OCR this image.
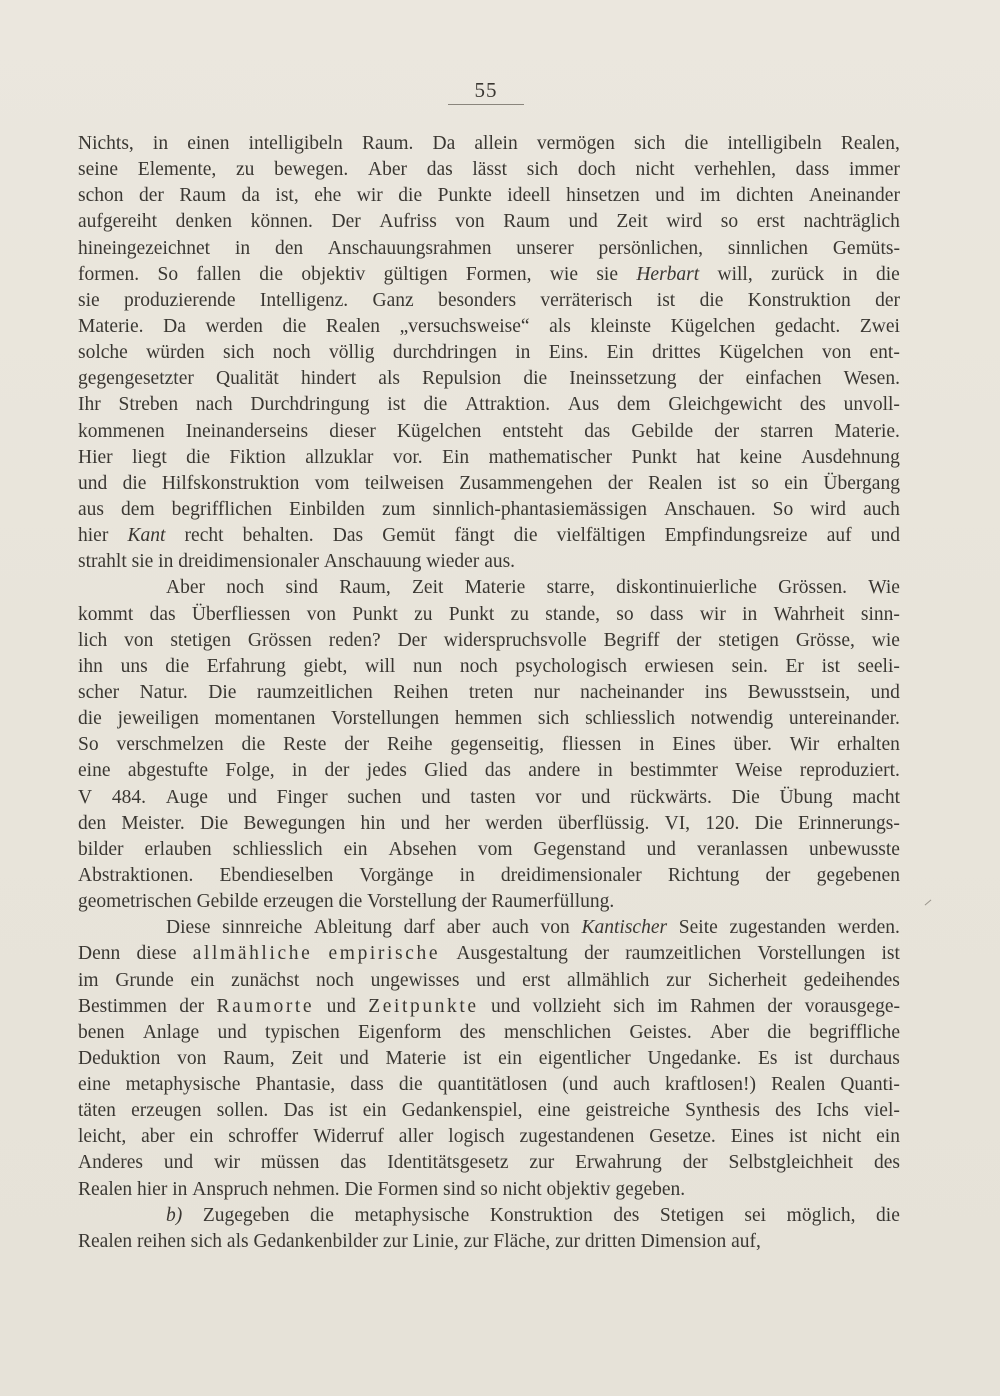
55
Nichts, in einen intelligibeln Raum. Da allein vermögen sich die intelligibeln Realen,
seine Elemente, zu bewegen. Aber das lässt sich doch nicht verhehlen, dass immer
schon der Raum da ist, ehe wir die Punkte ideell hinsetzen und im dichten Aneinander
aufgereiht denken können. Der Aufriss von Raum und Zeit wird so erst nachträglich
hineingezeichnet in den Anschauungsrahmen unserer persönlichen, sinnlichen Gemüts-
formen. So fallen die objektiv gültigen Formen, wie sie Herbart will, zurück in die
sie produzierende Intelligenz. Ganz besonders verräterisch ist die Konstruktion der
Materie. Da werden die Realen „versuchsweise“ als kleinste Kügelchen gedacht. Zwei
solche würden sich noch völlig durchdringen in Eins. Ein drittes Kügelchen von ent-
gegengesetzter Qualität hindert als Repulsion die Ineinssetzung der einfachen Wesen.
Ihr Streben nach Durchdringung ist die Attraktion. Aus dem Gleichgewicht des unvoll-
kommenen Ineinanderseins dieser Kügelchen entsteht das Gebilde der starren Materie.
Hier liegt die Fiktion allzuklar vor. Ein mathematischer Punkt hat keine Ausdehnung
und die Hilfskonstruktion vom teilweisen Zusammengehen der Realen ist so ein Übergang
aus dem begrifflichen Einbilden zum sinnlich-phantasiemässigen Anschauen. So wird auch
hier Kant recht behalten. Das Gemüt fängt die vielfältigen Empfindungsreize auf und
strahlt sie in dreidimensionaler Anschauung wieder aus.
Aber noch sind Raum, Zeit Materie starre, diskontinuierliche Grössen. Wie
kommt das Überfliessen von Punkt zu Punkt zu stande, so dass wir in Wahrheit sinn-
lich von stetigen Grössen reden? Der widerspruchsvolle Begriff der stetigen Grösse, wie
ihn uns die Erfahrung giebt, will nun noch psychologisch erwiesen sein. Er ist seeli-
scher Natur. Die raumzeitlichen Reihen treten nur nacheinander ins Bewusstsein, und
die jeweiligen momentanen Vorstellungen hemmen sich schliesslich notwendig untereinander.
So verschmelzen die Reste der Reihe gegenseitig, fliessen in Eines über. Wir erhalten
eine abgestufte Folge, in der jedes Glied das andere in bestimmter Weise reproduziert.
V 484. Auge und Finger suchen und tasten vor und rückwärts. Die Übung macht
den Meister. Die Bewegungen hin und her werden überflüssig. VI, 120. Die Erinnerungs-
bilder erlauben schliesslich ein Absehen vom Gegenstand und veranlassen unbewusste
Abstraktionen. Ebendieselben Vorgänge in dreidimensionaler Richtung der gegebenen
geometrischen Gebilde erzeugen die Vorstellung der Raumerfüllung.
Diese sinnreiche Ableitung darf aber auch von Kantischer Seite zugestanden werden.
Denn diese allmähliche empirische Ausgestaltung der raumzeitlichen Vorstellungen ist
im Grunde ein zunächst noch ungewisses und erst allmählich zur Sicherheit gedeihendes
Bestimmen der Raumorte und Zeitpunkte und vollzieht sich im Rahmen der vorausgege-
benen Anlage und typischen Eigenform des menschlichen Geistes. Aber die begriffliche
Deduktion von Raum, Zeit und Materie ist ein eigentlicher Ungedanke. Es ist durchaus
eine metaphysische Phantasie, dass die quantitätlosen (und auch kraftlosen!) Realen Quanti-
täten erzeugen sollen. Das ist ein Gedankenspiel, eine geistreiche Synthesis des Ichs viel-
leicht, aber ein schroffer Widerruf aller logisch zugestandenen Gesetze. Eines ist nicht ein
Anderes und wir müssen das Identitätsgesetz zur Erwahrung der Selbstgleichheit des
Realen hier in Anspruch nehmen. Die Formen sind so nicht objektiv gegeben.
b) Zugegeben die metaphysische Konstruktion des Stetigen sei möglich, die
Realen reihen sich als Gedankenbilder zur Linie, zur Fläche, zur dritten Dimension auf,
